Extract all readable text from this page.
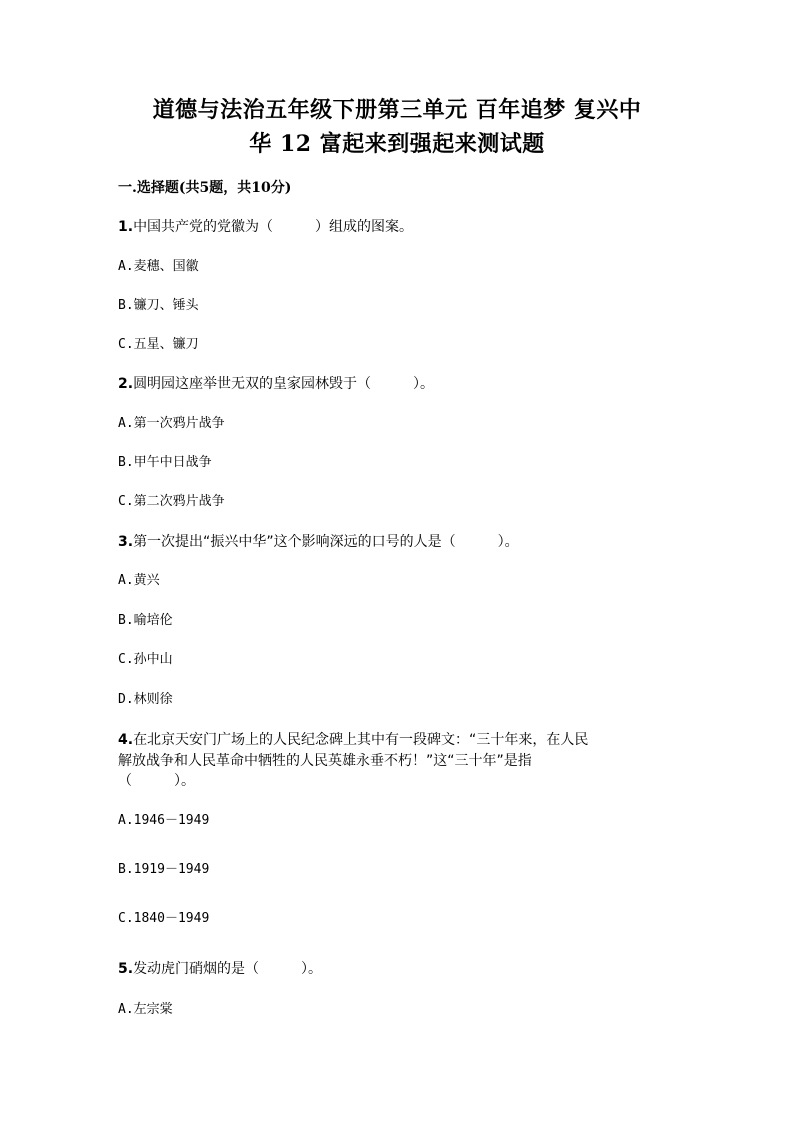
道德与法治五年级下册第三单元 百年追梦 复兴中
华 12 富起来到强起来测试题
一.选择题(共5题，共10分)
1.中国共产党的党徽为（　　　）组成的图案。
A.麦穗、国徽
B.镰刀、锤头
C.五星、镰刀
2.圆明园这座举世无双的皇家园林毁于（　　　）。
A.第一次鸦片战争
B.甲午中日战争
C.第二次鸦片战争
3.第一次提出“振兴中华”这个影响深远的口号的人是（　　　）。
A.黄兴
B.喻培伦
C.孙中山
D.林则徐
4.在北京天安门广场上的人民纪念碑上其中有一段碑文：“三十年来，在人民
解放战争和人民革命中牺牲的人民英雄永垂不朽！”这“三十年”是指
（　　　）。
A.1946－1949
B.1919－1949
C.1840－1949
5.发动虎门硝烟的是（　　　）。
A.左宗棠
